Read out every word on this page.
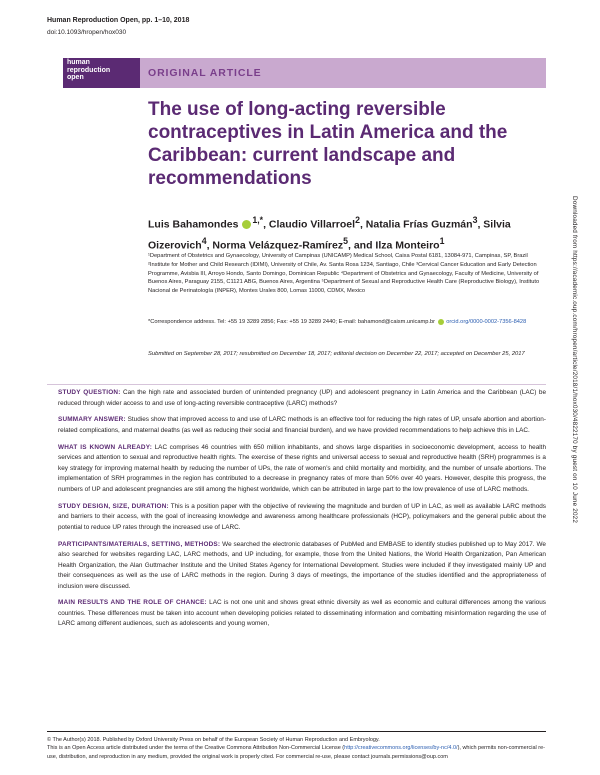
Human Reproduction Open, pp. 1–10, 2018
doi:10.1093/hropen/hox030
human
reproduction
open	ORIGINAL ARTICLE
The use of long-acting reversible contraceptives in Latin America and the Caribbean: current landscape and recommendations
Luis Bahamondes $^{1,*}$, Claudio Villarroel$^2$, Natalia Frías Guzmán$^3$, Silvia Oizerovich$^4$, Norma Velázquez-Ramírez$^5$, and Ilza Monteiro$^1$
¹Department of Obstetrics and Gynaecology, University of Campinas (UNICAMP) Medical School, Caixa Postal 6181, 13084-971, Campinas, SP, Brazil ²Institute for Mother and Child Research (IDIMI), University of Chile, Av. Santa Rosa 1234, Santiago, Chile ³Cervical Cancer Education and Early Detection Programme, Avisbia III, Arroyo Hondo, Santo Domingo, Dominican Republic ⁴Department of Obstetrics and Gynaecology, Faculty of Medicine, University of Buenos Aires, Paraguay 2155, C1121 ABG, Buenos Aires, Argentina ⁵Department of Sexual and Reproductive Health Care (Reproductive Biology), Instituto Nacional de Perinatología (INPER), Montes Urales 800, Lomas 11000, CDMX, Mexico
*Correspondence address. Tel: +55 19 3289 2856; Fax: +55 19 3289 2440; E-mail: bahamond@caism.unicamp.br orcid.org/0000-0002-7356-8428
Submitted on September 28, 2017; resubmitted on December 18, 2017; editorial decision on December 22, 2017; accepted on December 25, 2017

STUDY QUESTION: Can the high rate and associated burden of unintended pregnancy (UP) and adolescent pregnancy in Latin America and the Caribbean (LAC) be reduced through wider access to and use of long-acting reversible contraceptive (LARC) methods?

SUMMARY ANSWER: Studies show that improved access to and use of LARC methods is an effective tool for reducing the high rates of UP, unsafe abortion and abortion-related complications, and maternal deaths (as well as reducing their social and financial burden), and we have provided recommendations to help achieve this in LAC.

WHAT IS KNOWN ALREADY: LAC comprises 46 countries with 650 million inhabitants, and shows large disparities in socioeconomic development, access to health services and attention to sexual and reproductive health rights. The exercise of these rights and universal access to sexual and reproductive health (SRH) programmes is a key strategy for improving maternal health by reducing the number of UPs, the rate of women’s and child mortality and morbidity, and the number of unsafe abortions. The implementation of SRH programmes in the region has contributed to a decrease in pregnancy rates of more than 50% over 40 years. However, despite this progress, the numbers of UP and adolescent pregnancies are still among the highest worldwide, which can be attributed in large part to the low prevalence of use of LARC methods.

STUDY DESIGN, SIZE, DURATION: This is a position paper with the objective of reviewing the magnitude and burden of UP in LAC, as well as available LARC methods and barriers to their access, with the goal of increasing knowledge and awareness among healthcare professionals (HCP), policymakers and the general public about the potential to reduce UP rates through the increased use of LARC.

PARTICIPANTS/MATERIALS, SETTING, METHODS: We searched the electronic databases of PubMed and EMBASE to identify studies published up to May 2017. We also searched for websites regarding LAC, LARC methods, and UP including, for example, those from the United Nations, the World Health Organization, Pan American Health Organization, the Alan Guttmacher Institute and the United States Agency for International Development. Studies were included if they investigated mainly UP and their consequences as well as the use of LARC methods in the region. During 3 days of meetings, the importance of the studies identified and the appropriateness of inclusion were discussed.

MAIN RESULTS AND THE ROLE OF CHANCE: LAC is not one unit and shows great ethnic diversity as well as economic and cultural differences among the various countries. These differences must be taken into account when developing policies related to disseminating information and combatting misinformation regarding the use of LARC among different audiences, such as adolescents and young women,

© The Author(s) 2018. Published by Oxford University Press on behalf of the European Society of Human Reproduction and Embryology.
This is an Open Access article distributed under the terms of the Creative Commons Attribution Non-Commercial License (http://creativecommons.org/licenses/by-nc/4.0/), which permits non-commercial re-use, distribution, and reproduction in any medium, provided the original work is properly cited. For commercial re-use, please contact journals.permissions@oup.com
Downloaded from https://academic.oup.com/hropen/article/2018/1/hox030/4822170 by guest on 10 June 2022
